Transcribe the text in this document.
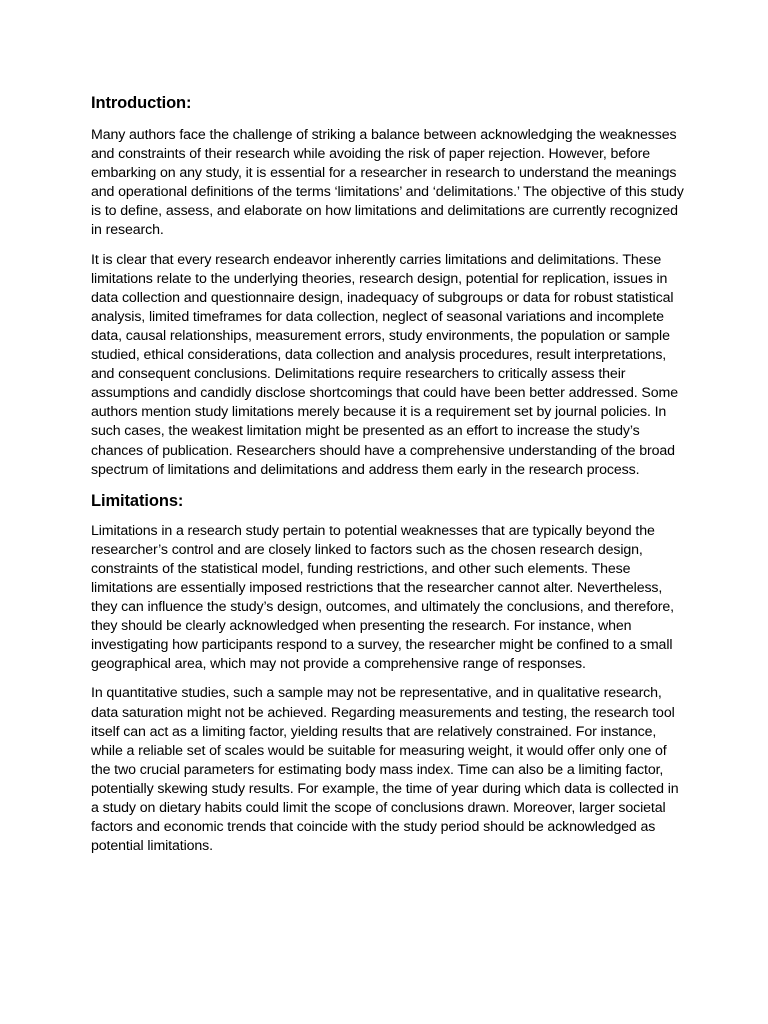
Introduction:

Many authors face the challenge of striking a balance between acknowledging the weaknesses and constraints of their research while avoiding the risk of paper rejection. However, before embarking on any study, it is essential for a researcher in research to understand the meanings and operational definitions of the terms ‘limitations’ and ‘delimitations.’ The objective of this study is to define, assess, and elaborate on how limitations and delimitations are currently recognized in research.

It is clear that every research endeavor inherently carries limitations and delimitations. These limitations relate to the underlying theories, research design, potential for replication, issues in data collection and questionnaire design, inadequacy of subgroups or data for robust statistical analysis, limited timeframes for data collection, neglect of seasonal variations and incomplete data, causal relationships, measurement errors, study environments, the population or sample studied, ethical considerations, data collection and analysis procedures, result interpretations, and consequent conclusions. Delimitations require researchers to critically assess their assumptions and candidly disclose shortcomings that could have been better addressed. Some authors mention study limitations merely because it is a requirement set by journal policies. In such cases, the weakest limitation might be presented as an effort to increase the study’s chances of publication. Researchers should have a comprehensive understanding of the broad spectrum of limitations and delimitations and address them early in the research process.

Limitations:

Limitations in a research study pertain to potential weaknesses that are typically beyond the researcher’s control and are closely linked to factors such as the chosen research design, constraints of the statistical model, funding restrictions, and other such elements. These limitations are essentially imposed restrictions that the researcher cannot alter. Nevertheless, they can influence the study’s design, outcomes, and ultimately the conclusions, and therefore, they should be clearly acknowledged when presenting the research. For instance, when investigating how participants respond to a survey, the researcher might be confined to a small geographical area, which may not provide a comprehensive range of responses.

In quantitative studies, such a sample may not be representative, and in qualitative research, data saturation might not be achieved. Regarding measurements and testing, the research tool itself can act as a limiting factor, yielding results that are relatively constrained. For instance, while a reliable set of scales would be suitable for measuring weight, it would offer only one of the two crucial parameters for estimating body mass index. Time can also be a limiting factor, potentially skewing study results. For example, the time of year during which data is collected in a study on dietary habits could limit the scope of conclusions drawn. Moreover, larger societal factors and economic trends that coincide with the study period should be acknowledged as potential limitations.
